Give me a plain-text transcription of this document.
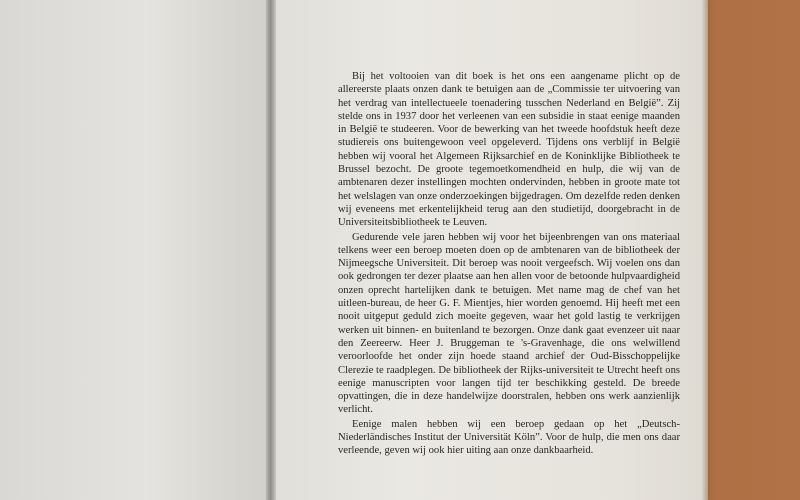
Bij het voltooien van dit boek is het ons een aangename plicht op de allereerste plaats onzen dank te betuigen aan de „Commissie ter uitvoering van het verdrag van intellectueele toenadering tusschen Nederland en België”. Zij stelde ons in 1937 door het verleenen van een subsidie in staat eenige maanden in België te studeeren. Voor de bewerking van het tweede hoofdstuk heeft deze studiereis ons buitengewoon veel opgeleverd. Tijdens ons verblijf in België hebben wij vooral het Algemeen Rijksarchief en de Koninklijke Bibliotheek te Brussel bezocht. De groote tegemoetkomendheid en hulp, die wij van de ambtenaren dezer instellingen mochten ondervinden, hebben in groote mate tot het welslagen van onze onderzoekingen bijgedragen. Om dezelfde reden denken wij eveneens met erkentelijkheid terug aan den studietijd, doorgebracht in de Universiteitsbibliotheek te Leuven.

Gedurende vele jaren hebben wij voor het bijeenbrengen van ons materiaal telkens weer een beroep moeten doen op de ambtenaren van de bibliotheek der Nijmeegsche Universiteit. Dit beroep was nooit vergeefsch. Wij voelen ons dan ook gedrongen ter dezer plaatse aan hen allen voor de betoonde hulpvaardigheid onzen oprecht hartelijken dank te betuigen. Met name mag de chef van het uitleen-bureau, de heer G. F. Mientjes, hier worden genoemd. Hij heeft met een nooit uitgeput geduld zich moeite gegeven, waar het gold lastig te verkrijgen werken uit binnen- en buitenland te bezorgen. Onze dank gaat evenzeer uit naar den Zeereerw. Heer J. Bruggeman te 's-Gravenhage, die ons welwillend veroorloofde het onder zijn hoede staand archief der Oud-Bisschoppelijke Clerezie te raadplegen. De bibliotheek der Rijks-universiteit te Utrecht heeft ons eenige manuscripten voor langen tijd ter beschikking gesteld. De breede opvattingen, die in deze handelwijze doorstralen, hebben ons werk aanzienlijk verlicht.

Eenige malen hebben wij een beroep gedaan op het „Deutsch-Niederländisches Institut der Universität Köln”. Voor de hulp, die men ons daar verleende, geven wij ook hier uiting aan onze dankbaarheid.
